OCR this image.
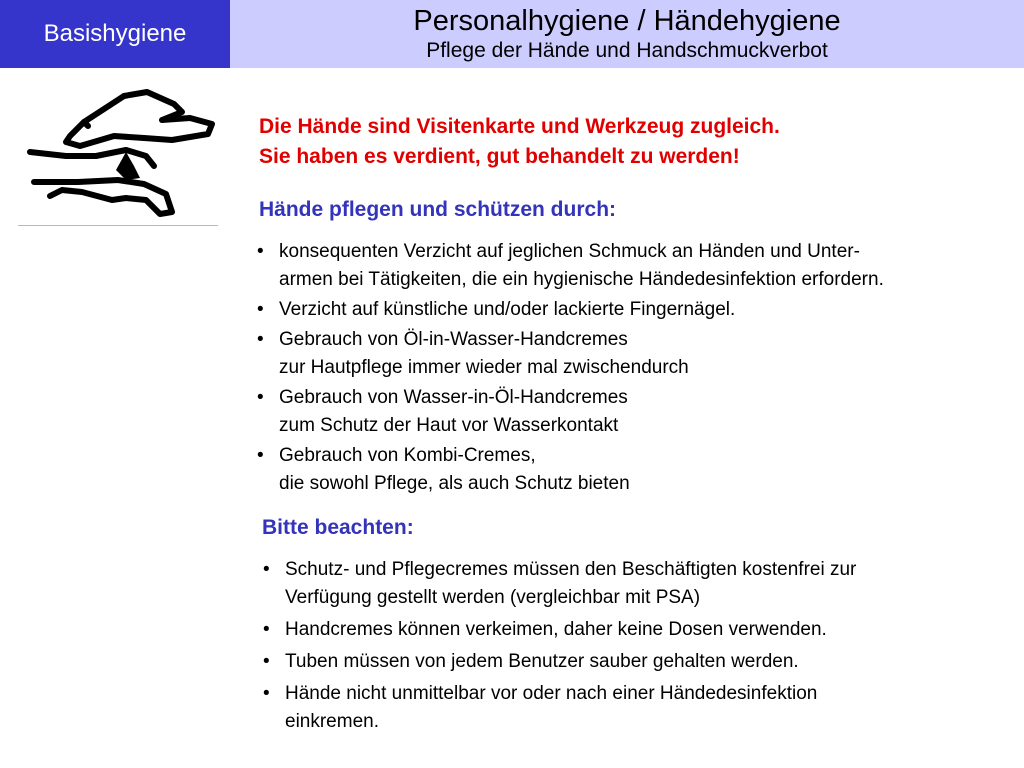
Basishygiene	Personalhygiene / Händehygiene
Pflege der Hände und Handschmuckverbot
Die Hände sind Visitenkarte und Werkzeug zugleich.
Sie haben es verdient, gut behandelt zu werden!
Hände pflegen und schützen durch:
• konsequenten Verzicht auf jeglichen Schmuck an Händen und Unter-
armen bei Tätigkeiten, die ein hygienische Händedesinfektion erfordern.
• Verzicht auf künstliche und/oder lackierte Fingernägel.
• Gebrauch von Öl-in-Wasser-Handcremes
zur Hautpflege immer wieder mal zwischendurch
• Gebrauch von Wasser-in-Öl-Handcremes
zum Schutz der Haut vor Wasserkontakt
• Gebrauch von Kombi-Cremes,
die sowohl Pflege, als auch Schutz bieten
Bitte beachten:
• Schutz- und Pflegecremes müssen den Beschäftigten kostenfrei zur
Verfügung gestellt werden (vergleichbar mit PSA)
• Handcremes können verkeimen, daher keine Dosen verwenden.
• Tuben müssen von jedem Benutzer sauber gehalten werden.
• Hände nicht unmittelbar vor oder nach einer Händedesinfektion
einkremen.
